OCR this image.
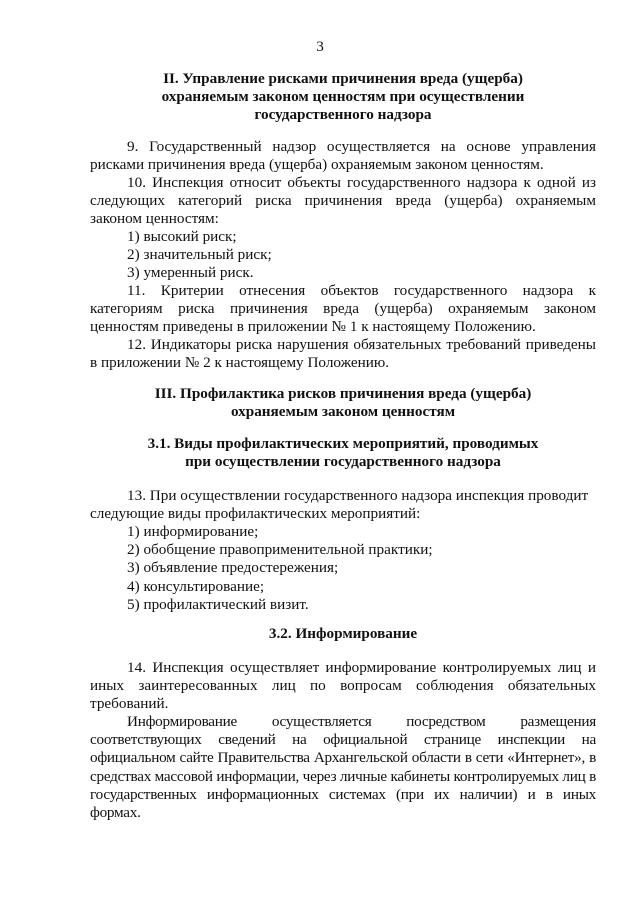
3
II. Управление рисками причинения вреда (ущерба)
охраняемым законом ценностям при осуществлении
государственного надзора

9. Государственный надзор осуществляется на основе управления рисками причинения вреда (ущерба) охраняемым законом ценностям.

10. Инспекция относит объекты государственного надзора к одной из следующих категорий риска причинения вреда (ущерба) охраняемым законом ценностям:

1) высокий риск;
2) значительный риск;
3) умеренный риск.

11. Критерии отнесения объектов государственного надзора к категориям риска причинения вреда (ущерба) охраняемым законом ценностям приведены в приложении № 1 к настоящему Положению.

12. Индикаторы риска нарушения обязательных требований приведены в приложении № 2 к настоящему Положению.

III. Профилактика рисков причинения вреда (ущерба)
охраняемым законом ценностям
3.1. Виды профилактических мероприятий, проводимых
при осуществлении государственного надзора

13. При осуществлении государственного надзора инспекция проводит следующие виды профилактических мероприятий:

1) информирование;
2) обобщение правоприменительной практики;
3) объявление предостережения;
4) консультирование;
5) профилактический визит.
3.2. Информирование

14. Инспекция осуществляет информирование контролируемых лиц и иных заинтересованных лиц по вопросам соблюдения обязательных требований.

Информирование осуществляется посредством размещения соответствующих сведений на официальной странице инспекции на официальном сайте Правительства Архангельской области в сети «Интернет», в средствах массовой информации, через личные кабинеты контролируемых лиц в государственных информационных системах (при их наличии) и в иных формах.
